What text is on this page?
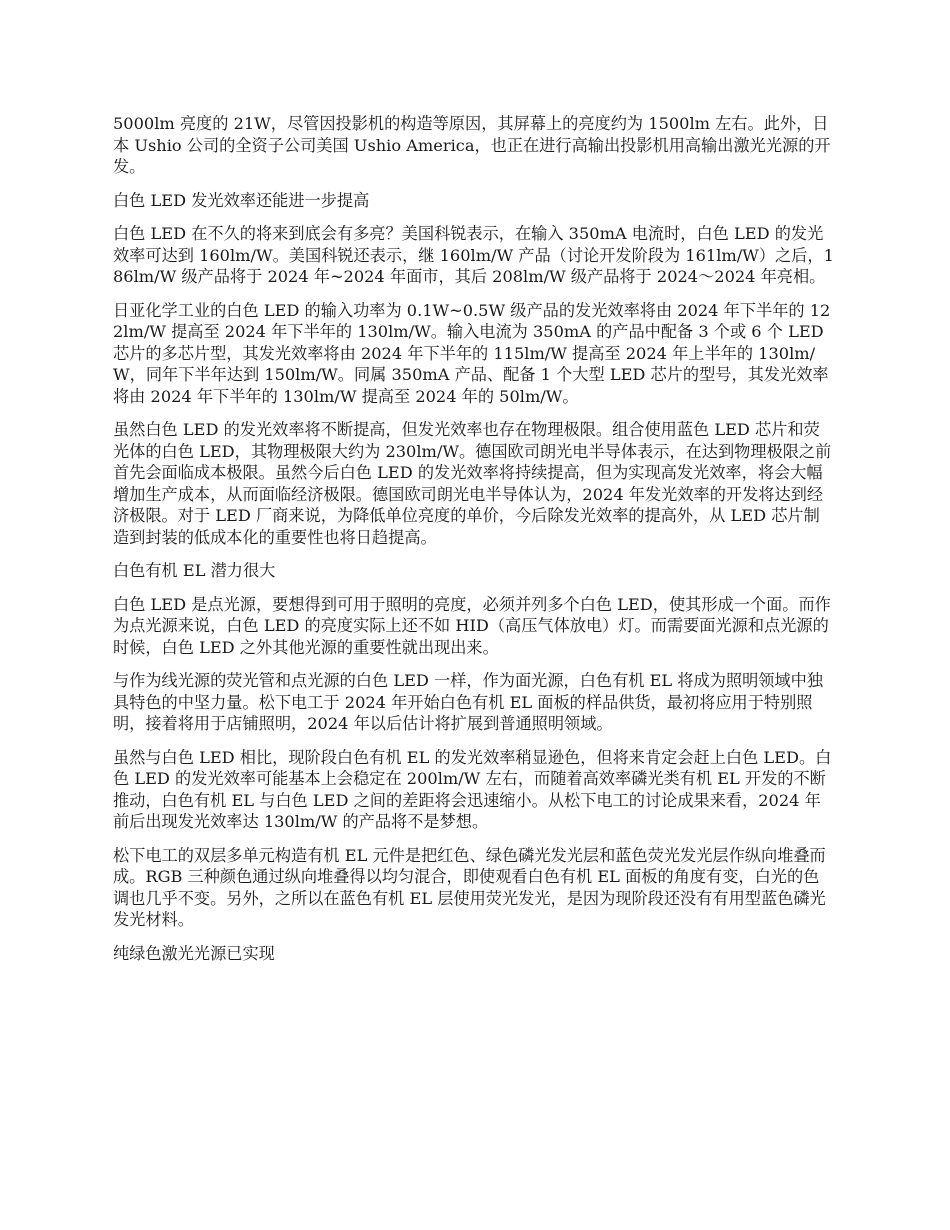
5000lm 亮度的 21W，尽管因投影机的构造等原因，其屏幕上的亮度约为 1500lm 左右。此外，日本 Ushio 公司的全资子公司美国 Ushio America，也正在进行高输出投影机用高输出激光光源的开发。

白色 LED 发光效率还能进一步提高

白色 LED 在不久的将来到底会有多亮？美国科锐表示，在输入 350mA 电流时，白色 LED 的发光效率可达到 160lm/W。美国科锐还表示，继 160lm/W 产品（讨论开发阶段为 161lm/W）之后，186lm/W 级产品将于 2024 年~2024 年面市，其后 208lm/W 级产品将于 2024～2024 年亮相。

日亚化学工业的白色 LED 的输入功率为 0.1W~0.5W 级产品的发光效率将由 2024 年下半年的 122lm/W 提高至 2024 年下半年的 130lm/W。输入电流为 350mA 的产品中配备 3 个或 6 个 LED 芯片的多芯片型，其发光效率将由 2024 年下半年的 115lm/W 提高至 2024 年上半年的 130lm/W，同年下半年达到 150lm/W。同属 350mA 产品、配备 1 个大型 LED 芯片的型号，其发光效率将由 2024 年下半年的 130lm/W 提高至 2024 年的 50lm/W。

虽然白色 LED 的发光效率将不断提高，但发光效率也存在物理极限。组合使用蓝色 LED 芯片和荧光体的白色 LED，其物理极限大约为 230lm/W。德国欧司朗光电半导体表示，在达到物理极限之前首先会面临成本极限。虽然今后白色 LED 的发光效率将持续提高，但为实现高发光效率，将会大幅增加生产成本，从而面临经济极限。德国欧司朗光电半导体认为，2024 年发光效率的开发将达到经济极限。对于 LED 厂商来说，为降低单位亮度的单价，今后除发光效率的提高外，从 LED 芯片制造到封装的低成本化的重要性也将日趋提高。

白色有机 EL 潜力很大

白色 LED 是点光源，要想得到可用于照明的亮度，必须并列多个白色 LED，使其形成一个面。而作为点光源来说，白色 LED 的亮度实际上还不如 HID（高压气体放电）灯。而需要面光源和点光源的时候，白色 LED 之外其他光源的重要性就出现出来。

与作为线光源的荧光管和点光源的白色 LED 一样，作为面光源，白色有机 EL 将成为照明领域中独具特色的中坚力量。松下电工于 2024 年开始白色有机 EL 面板的样品供货，最初将应用于特别照明，接着将用于店铺照明，2024 年以后估计将扩展到普通照明领域。

虽然与白色 LED 相比，现阶段白色有机 EL 的发光效率稍显逊色，但将来肯定会赶上白色 LED。白色 LED 的发光效率可能基本上会稳定在 200lm/W 左右，而随着高效率磷光类有机 EL 开发的不断推动，白色有机 EL 与白色 LED 之间的差距将会迅速缩小。从松下电工的讨论成果来看，2024 年前后出现发光效率达 130lm/W 的产品将不是梦想。

松下电工的双层多单元构造有机 EL 元件是把红色、绿色磷光发光层和蓝色荧光发光层作纵向堆叠而成。RGB 三种颜色通过纵向堆叠得以均匀混合，即使观看白色有机 EL 面板的角度有变，白光的色调也几乎不变。另外，之所以在蓝色有机 EL 层使用荧光发光，是因为现阶段还没有有用型蓝色磷光发光材料。

纯绿色激光光源已实现
